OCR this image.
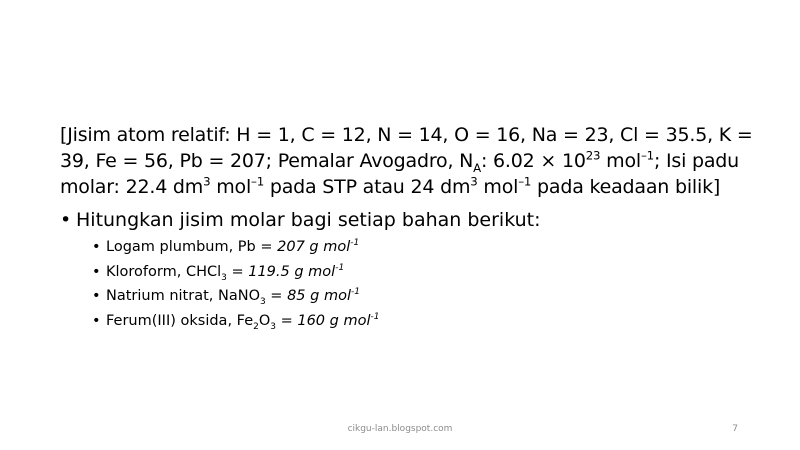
[Jisim atom relatif: H = 1, C = 12, N = 14, O = 16, Na = 23, Cl = 35.5, K =
39, Fe = 56, Pb = 207; Pemalar Avogadro, $N_A$: $6.02 \times 10^{23}$ mol$^{-1}$; Isi padu
molar: 22.4 $dm^3$ mol$^{-1}$ pada STP atau 24 $dm^3$ mol$^{-1}$ pada keadaan bilik]
• Hitungkan jisim molar bagi setiap bahan berikut:
• Logam plumbum, Pb = 207 g mol$^{-1}$
• Kloroform, CHCl$_3$ = 119.5 g mol$^{-1}$
• Natrium nitrat, NaNO$_3$ = 85 g mol$^{-1}$
• Ferum(III) oksida, $Fe_2O_3 = 160$ g mol$^{-1}$
cikgu-lan.blogspot.com	7
